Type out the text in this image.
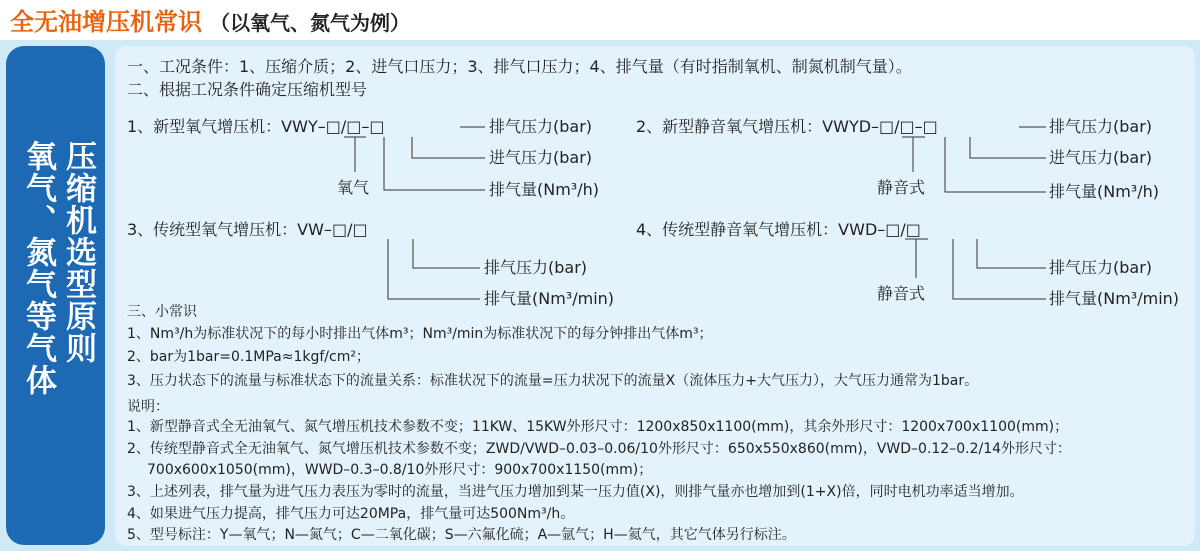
全无油增压机常识 （以氧气、氮气为例）
压缩机选型原则
氧气、氮气等气体
一、工况条件：1、压缩介质；2、进气口压力；3、排气口压力；4、排气量（有时指制氧机、制氮机制气量）。
二、根据工况条件确定压缩机型号
1、新型氧气增压机：VWY–□/□–□	排气压力(bar)
进气压力(bar)
氧气	排气量(Nm³/h)
2、新型静音氧气增压机：VWYD–□/□–□	排气压力(bar)
进气压力(bar)
静音式	排气量(Nm³/h)
3、传统型氧气增压机：VW–□/□
排气压力(bar)
排气量(Nm³/min)
4、传统型静音氧气增压机：VWD–□/□
排气压力(bar)
静音式	排气量(Nm³/min)
三、小常识
1、Nm³/h为标准状况下的每小时排出气体m³；Nm³/min为标准状况下的每分钟排出气体m³；
2、bar为1bar=0.1MPa≈1kgf/cm²；
3、压力状态下的流量与标准状态下的流量关系：标准状况下的流量=压力状况下的流量X（流体压力+大气压力），大气压力通常为1bar。
说明：
1、新型静音式全无油氧气、氮气增压机技术参数不变；11KW、15KW外形尺寸：1200x850x1100(mm)，其余外形尺寸：1200x700x1100(mm)；
2、传统型静音式全无油氧气、氮气增压机技术参数不变；ZWD/VWD–0.03–0.06/10外形尺寸：650x550x860(mm)，VWD–0.12–0.2/14外形尺寸：
700x600x1050(mm)，WWD–0.3–0.8/10外形尺寸：900x700x1150(mm)；
3、上述列表，排气量为进气压力表压为零时的流量，当进气压力增加到某一压力值(X)，则排气量亦也增加到(1+X)倍，同时电机功率适当增加。
4、如果进气压力提高，排气压力可达20MPa，排气量可达500Nm³/h。
5、型号标注：Y—氧气；N—氮气；C—二氧化碳；S—六氟化硫；A—氩气；H—氦气，其它气体另行标注。
